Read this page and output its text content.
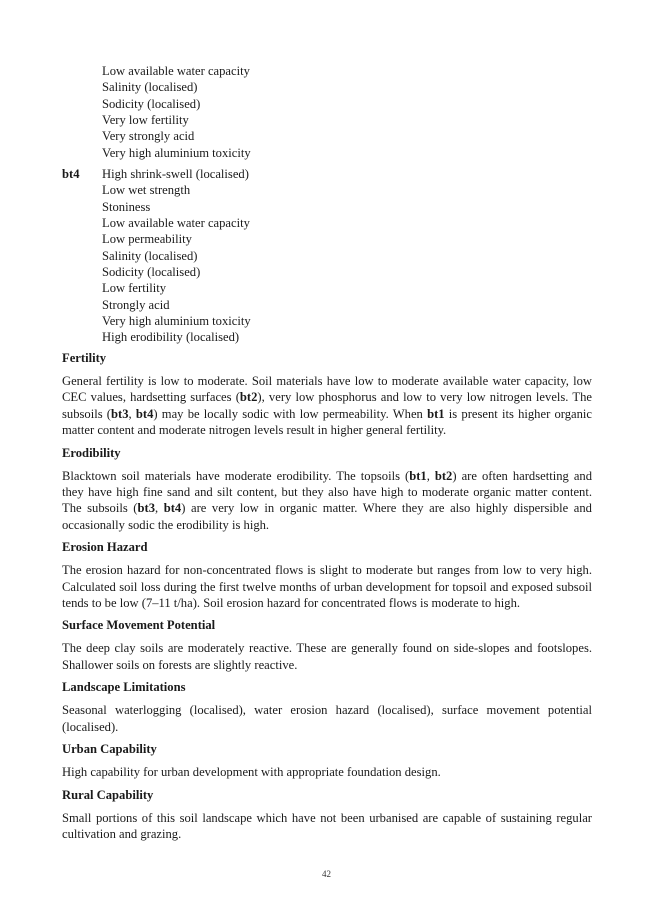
Low available water capacity
Salinity (localised)
Sodicity (localised)
Very low fertility
Very strongly acid
Very high aluminium toxicity
bt4	High shrink-swell (localised)
Low wet strength
Stoniness
Low available water capacity
Low permeability
Salinity (localised)
Sodicity (localised)
Low fertility
Strongly acid
Very high aluminium toxicity
High erodibility (localised)
Fertility

General fertility is low to moderate. Soil materials have low to moderate available water capacity, low CEC values, hardsetting surfaces (bt2), very low phosphorus and low to very low nitrogen levels. The subsoils (bt3, bt4) may be locally sodic with low permeability. When bt1 is present its higher organic matter content and moderate nitrogen levels result in higher general fertility.

Erodibility

Blacktown soil materials have moderate erodibility. The topsoils (bt1, bt2) are often hardsetting and they have high fine sand and silt content, but they also have high to moderate organic matter content. The subsoils (bt3, bt4) are very low in organic matter. Where they are also highly dispersible and occasionally sodic the erodibility is high.

Erosion Hazard

The erosion hazard for non-concentrated flows is slight to moderate but ranges from low to very high. Calculated soil loss during the first twelve months of urban development for topsoil and exposed subsoil tends to be low (7–11 t/ha). Soil erosion hazard for concentrated flows is moderate to high.

Surface Movement Potential

The deep clay soils are moderately reactive. These are generally found on side-slopes and footslopes. Shallower soils on forests are slightly reactive.

Landscape Limitations

Seasonal waterlogging (localised), water erosion hazard (localised), surface movement potential (localised).

Urban Capability

High capability for urban development with appropriate foundation design.

Rural Capability

Small portions of this soil landscape which have not been urbanised are capable of sustaining regular cultivation and grazing.

42
